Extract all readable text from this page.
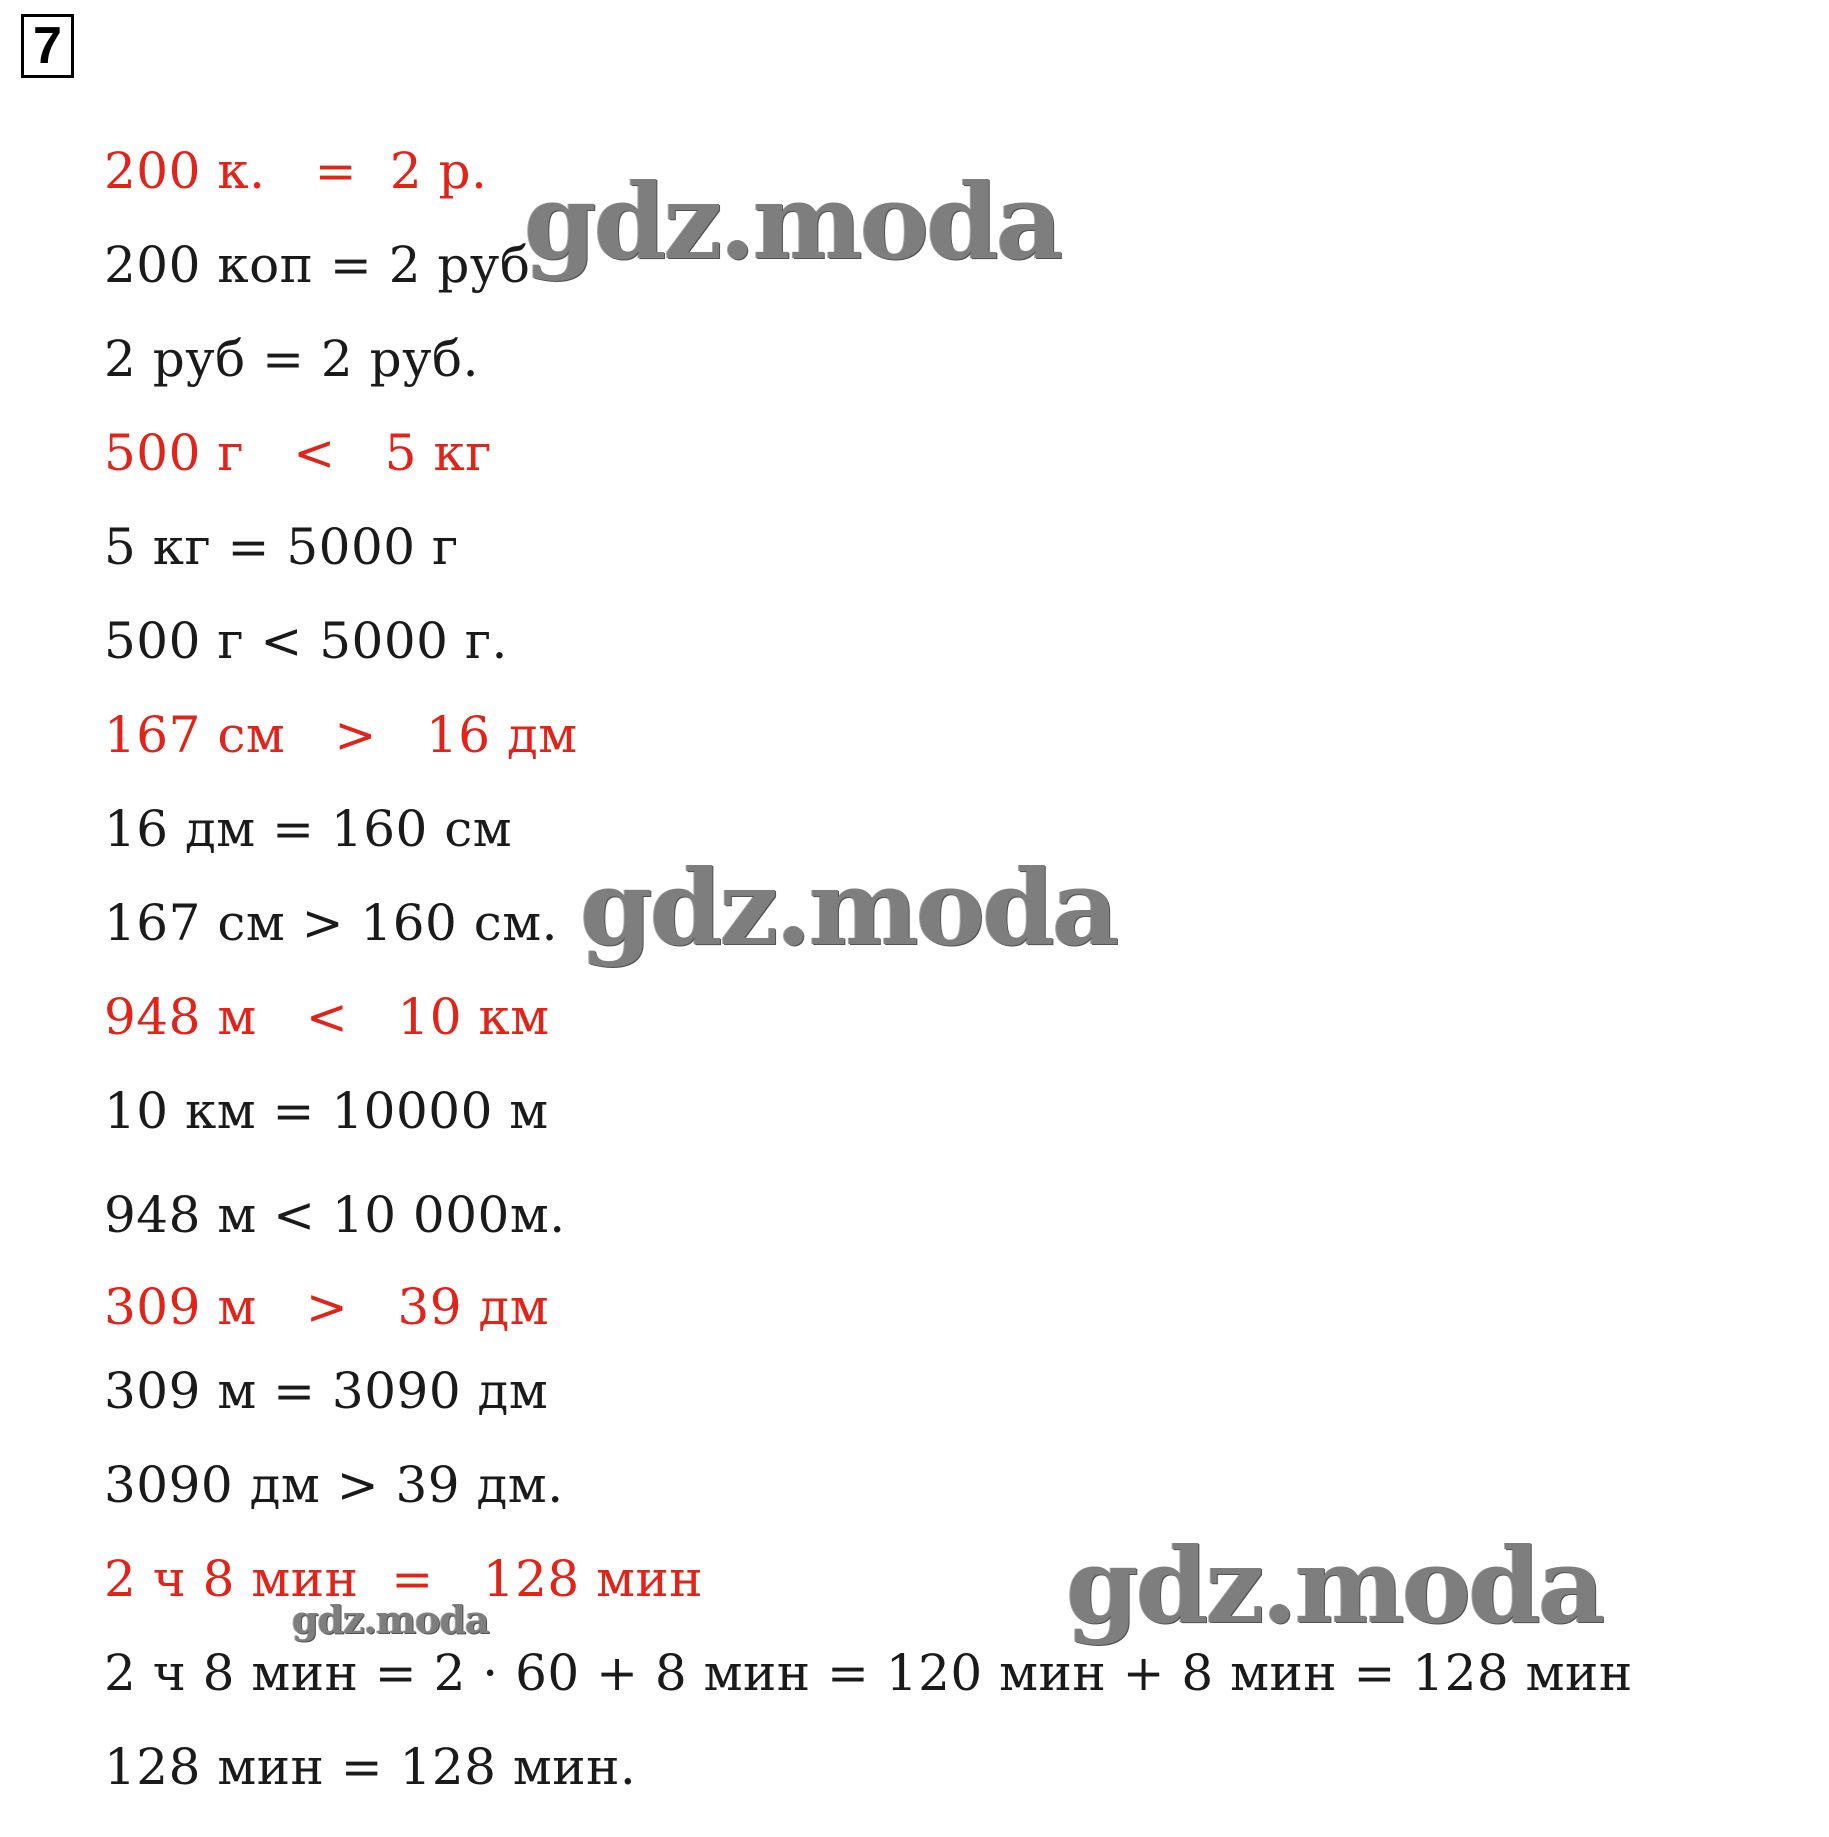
7
200 к.   =  2 р.
200 коп = 2 руб
2 руб = 2 руб.
500 г   <   5 кг
5 кг = 5000 г
500 г < 5000 г.
167 см   >   16 дм
16 дм = 160 см
167 см > 160 см.
948 м   <   10 км
10 км = 10000 м
948 м < 10 000м.
309 м   >   39 дм
309 м = 3090 дм
3090 дм > 39 дм.
2 ч 8 мин  =   128 мин
2 ч 8 мин = 2 · 60 + 8 мин = 120 мин + 8 мин = 128 мин
128 мин = 128 мин.
gdz.moda
gdz.moda
gdz.moda
gdz.moda
